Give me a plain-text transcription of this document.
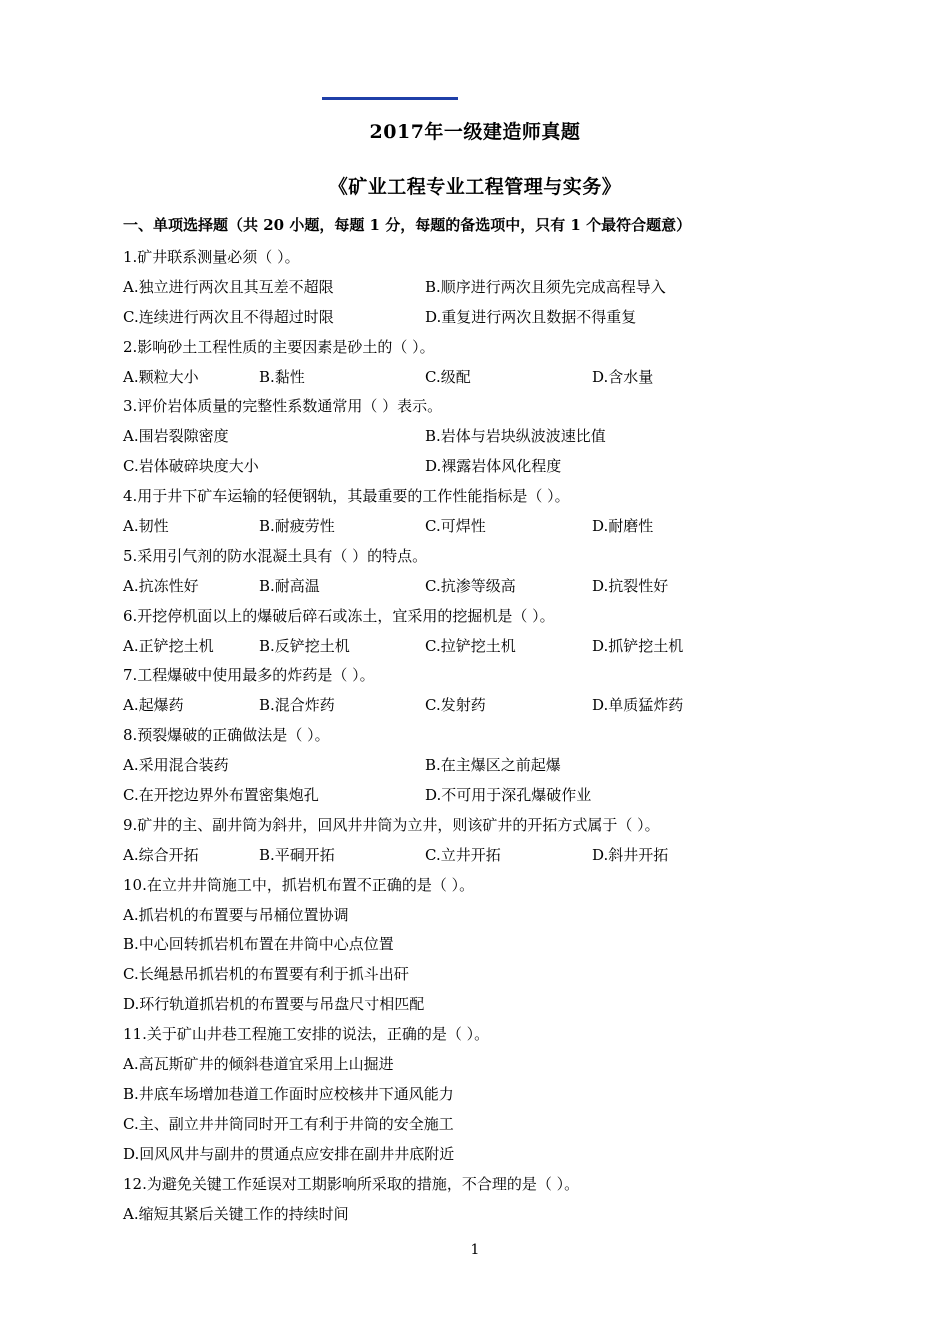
2017年一级建造师真题
《矿业工程专业工程管理与实务》
一、单项选择题（共 20 小题，每题 1 分，每题的备选项中，只有 1 个最符合题意）
1.矿井联系测量必须（ ）。
A.独立进行两次且其互差不超限	B.顺序进行两次且须先完成高程导入
C.连续进行两次且不得超过时限	D.重复进行两次且数据不得重复
2.影响砂土工程性质的主要因素是砂土的（ ）。
A.颗粒大小	B.黏性	C.级配	D.含水量
3.评价岩体质量的完整性系数通常用（ ）表示。
A.围岩裂隙密度	B.岩体与岩块纵波波速比值
C.岩体破碎块度大小	D.裸露岩体风化程度
4.用于井下矿车运输的轻便钢轨，其最重要的工作性能指标是（ ）。
A.韧性	B.耐疲劳性	C.可焊性	D.耐磨性
5.采用引气剂的防水混凝土具有（ ）的特点。
A.抗冻性好	B.耐高温	C.抗渗等级高	D.抗裂性好
6.开挖停机面以上的爆破后碎石或冻土，宜采用的挖掘机是（ ）。
A.正铲挖土机	B.反铲挖土机	C.拉铲挖土机	D.抓铲挖土机
7.工程爆破中使用最多的炸药是（ ）。
A.起爆药	B.混合炸药	C.发射药	D.单质猛炸药
8.预裂爆破的正确做法是（ ）。
A.采用混合装药	B.在主爆区之前起爆
C.在开挖边界外布置密集炮孔	D.不可用于深孔爆破作业
9.矿井的主、副井筒为斜井，回风井井筒为立井，则该矿井的开拓方式属于（ ）。
A.综合开拓	B.平硐开拓	C.立井开拓	D.斜井开拓
10.在立井井筒施工中，抓岩机布置不正确的是（ ）。
A.抓岩机的布置要与吊桶位置协调
B.中心回转抓岩机布置在井筒中心点位置
C.长绳悬吊抓岩机的布置要有利于抓斗出矸
D.环行轨道抓岩机的布置要与吊盘尺寸相匹配
11.关于矿山井巷工程施工安排的说法，正确的是（ ）。
A.高瓦斯矿井的倾斜巷道宜采用上山掘进
B.井底车场增加巷道工作面时应校核井下通风能力
C.主、副立井井筒同时开工有利于井筒的安全施工
D.回风风井与副井的贯通点应安排在副井井底附近
12.为避免关键工作延误对工期影响所采取的措施，不合理的是（ ）。
A.缩短其紧后关键工作的持续时间
1
